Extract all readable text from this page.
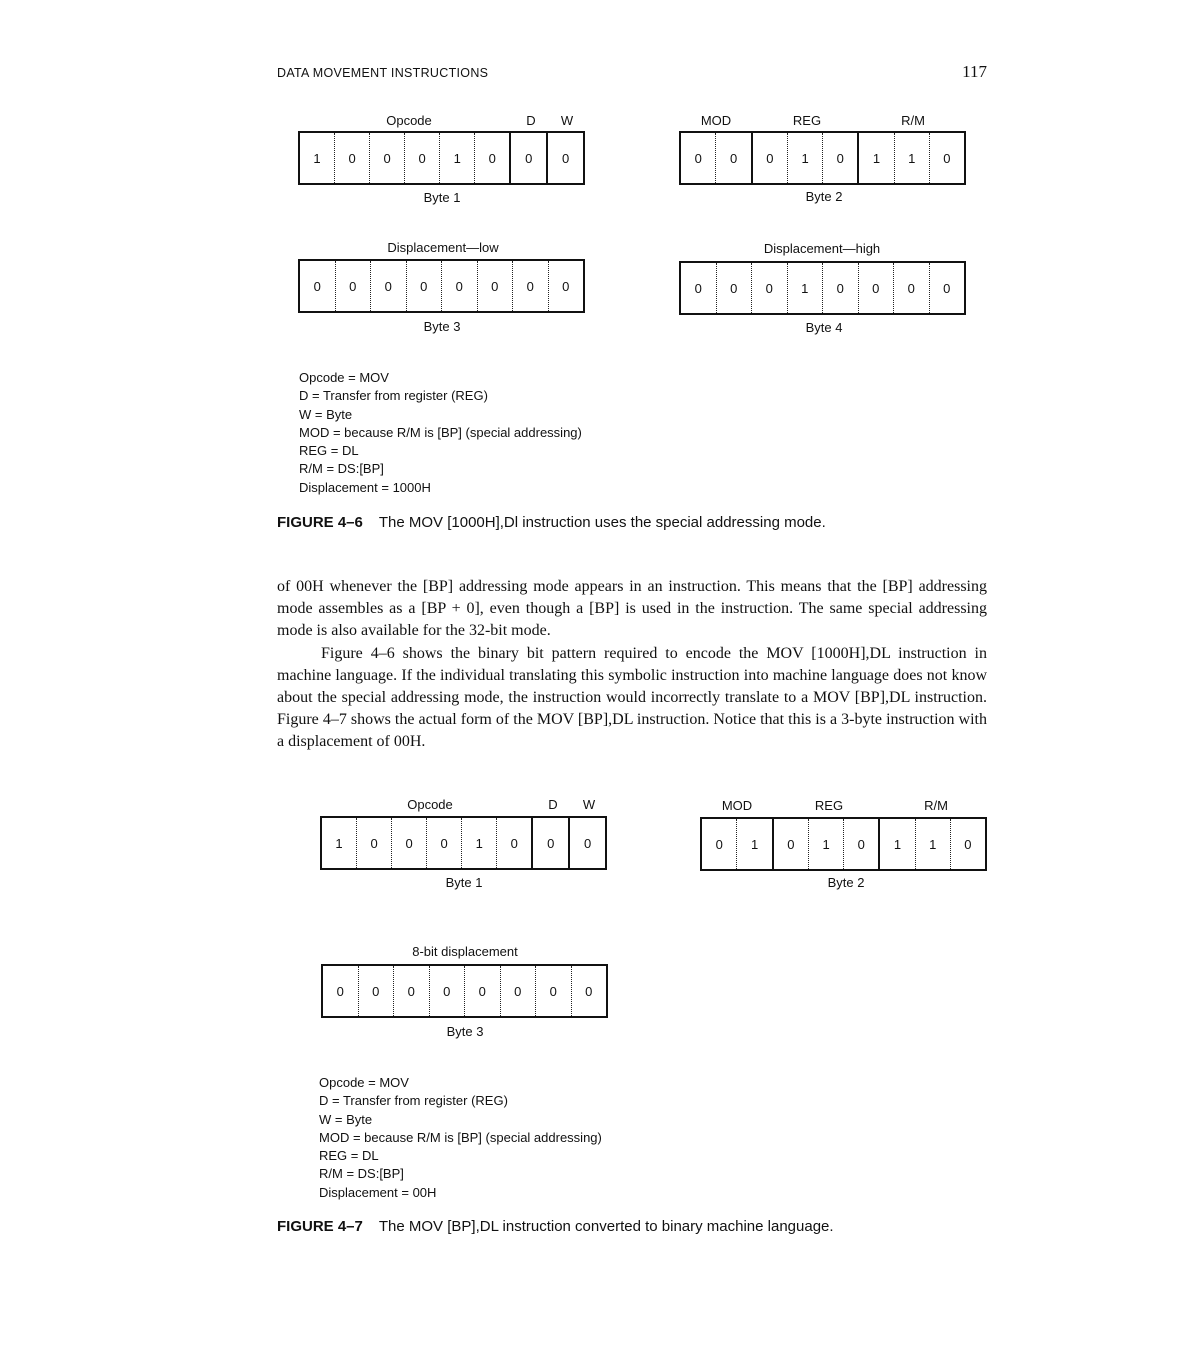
DATA MOVEMENT INSTRUCTIONS	117
Opcode	D W
1	0	0	0	1	0	0	0
Byte 1
MOD	REG	R/M
0	0	0	1	0	1	1	0
Byte 2
Displacement—low
0	0	0	0	0	0	0	0
Byte 3
Displacement—high
0	0	0	1	0	0	0	0
Byte 4
Opcode = MOV
D = Transfer from register (REG)
W = Byte
MOD = because R/M is [BP] (special addressing)
REG = DL
R/M = DS:[BP]
Displacement = 1000H
FIGURE 4–6 The MOV [1000H],Dl instruction uses the special addressing mode.

of 00H whenever the [BP] addressing mode appears in an instruction. This means that the [BP] addressing mode assembles as a [BP + 0], even though a [BP] is used in the instruction. The same special addressing mode is also available for the 32-bit mode.

Figure 4–6 shows the binary bit pattern required to encode the MOV [1000H],DL instruction in machine language. If the individual translating this symbolic instruction into machine language does not know about the special addressing mode, the instruction would incorrectly translate to a MOV [BP],DL instruction. Figure 4–7 shows the actual form of the MOV [BP],DL instruction. Notice that this is a 3-byte instruction with a displacement of 00H.

Opcode	D W
1	0	0	0	1	0	0	0
Byte 1
MOD	REG	R/M
0	1	0	1	0	1	1	0
Byte 2
8-bit displacement
0	0	0	0	0	0	0	0
Byte 3
Opcode = MOV
D = Transfer from register (REG)
W = Byte
MOD = because R/M is [BP] (special addressing)
REG = DL
R/M = DS:[BP]
Displacement = 00H
FIGURE 4–7 The MOV [BP],DL instruction converted to binary machine language.
